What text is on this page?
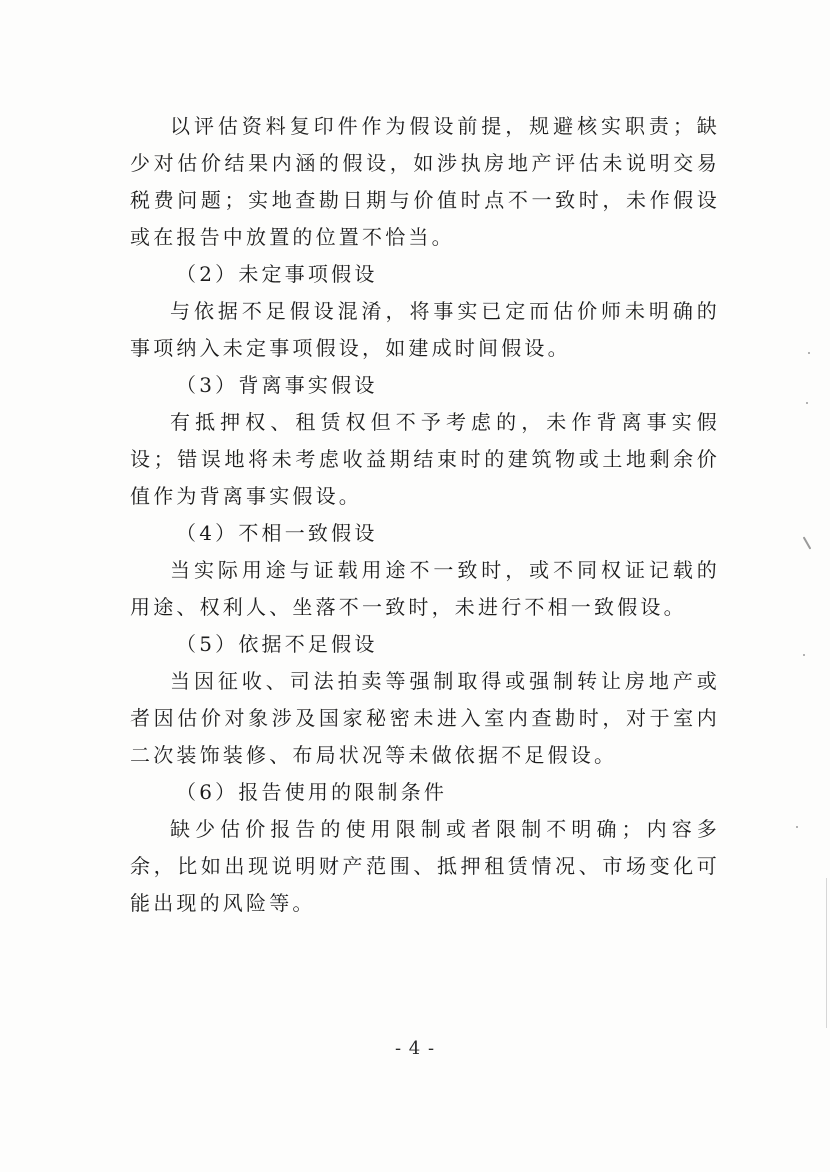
以评估资料复印件作为假设前提，规避核实职责；缺少对估价结果内涵的假设，如涉执房地产评估未说明交易税费问题；实地查勘日期与价值时点不一致时，未作假设或在报告中放置的位置不恰当。

（2）未定事项假设

与依据不足假设混淆，将事实已定而估价师未明确的事项纳入未定事项假设，如建成时间假设。

（3）背离事实假设

有抵押权、租赁权但不予考虑的，未作背离事实假设；错误地将未考虑收益期结束时的建筑物或土地剩余价值作为背离事实假设。

（4）不相一致假设

当实际用途与证载用途不一致时，或不同权证记载的用途、权利人、坐落不一致时，未进行不相一致假设。

（5）依据不足假设

当因征收、司法拍卖等强制取得或强制转让房地产或者因估价对象涉及国家秘密未进入室内查勘时，对于室内二次装饰装修、布局状况等未做依据不足假设。

（6）报告使用的限制条件

缺少估价报告的使用限制或者限制不明确；内容多余，比如出现说明财产范围、抵押租赁情况、市场变化可能出现的风险等。

- 4 -
